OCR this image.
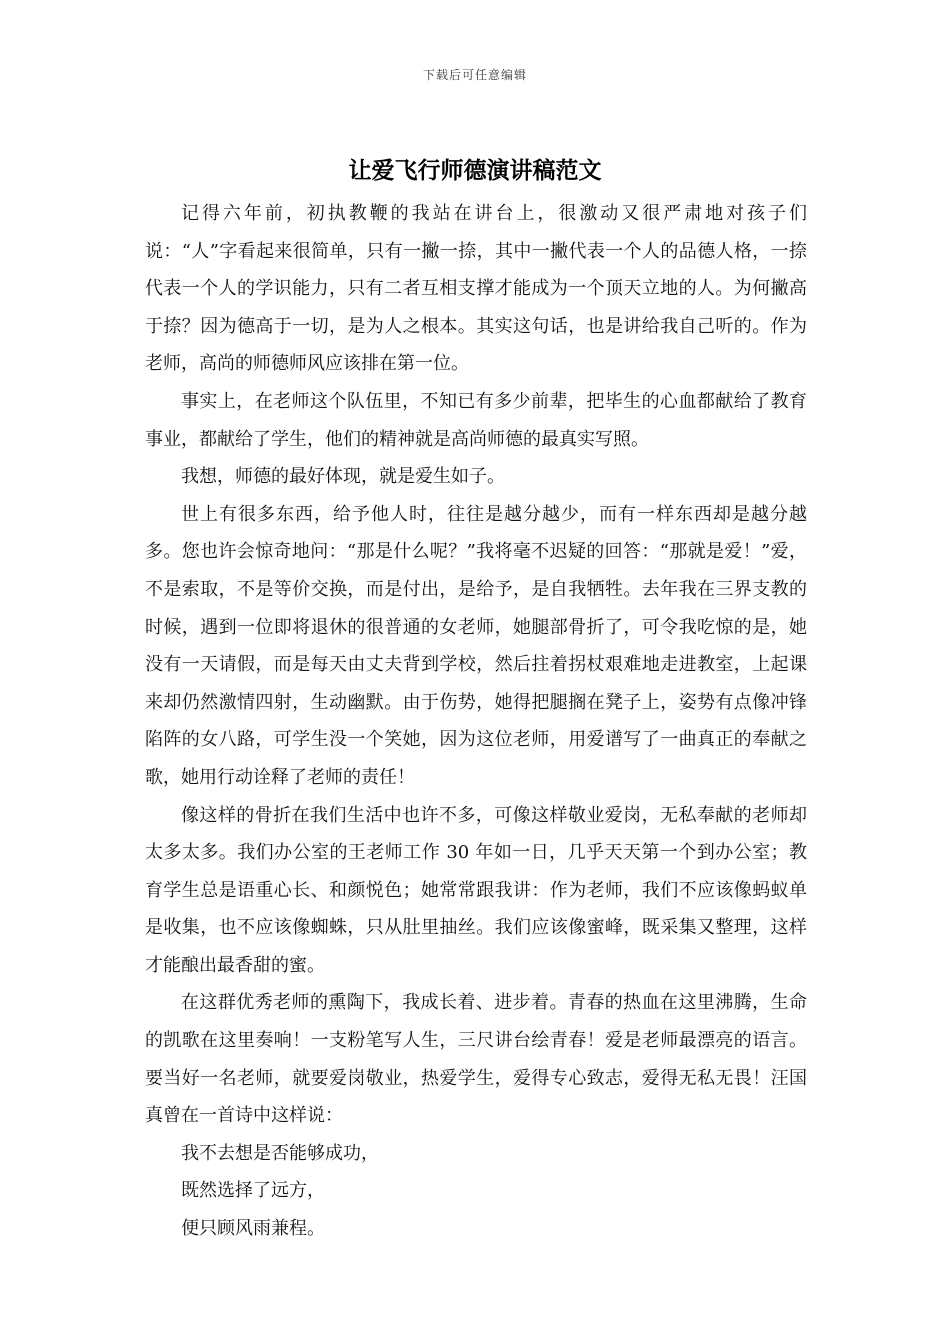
下载后可任意编辑
让爱飞行师德演讲稿范文

记得六年前，初执教鞭的我站在讲台上，很激动又很严肃地对孩子们说：“人”字看起来很简单，只有一撇一捺，其中一撇代表一个人的品德人格，一捺代表一个人的学识能力，只有二者互相支撑才能成为一个顶天立地的人。为何撇高于捺？因为德高于一切，是为人之根本。其实这句话，也是讲给我自己听的。作为老师，高尚的师德师风应该排在第一位。

事实上，在老师这个队伍里，不知已有多少前辈，把毕生的心血都献给了教育事业，都献给了学生，他们的精神就是高尚师德的最真实写照。

我想，师德的最好体现，就是爱生如子。

世上有很多东西，给予他人时，往往是越分越少，而有一样东西却是越分越多。您也许会惊奇地问：“那是什么呢？”我将毫不迟疑的回答：“那就是爱！”爱，不是索取，不是等价交换，而是付出，是给予，是自我牺牲。去年我在三界支教的时候，遇到一位即将退休的很普通的女老师，她腿部骨折了，可令我吃惊的是，她没有一天请假，而是每天由丈夫背到学校，然后拄着拐杖艰难地走进教室，上起课来却仍然激情四射，生动幽默。由于伤势，她得把腿搁在凳子上，姿势有点像冲锋陷阵的女八路，可学生没一个笑她，因为这位老师，用爱谱写了一曲真正的奉献之歌，她用行动诠释了老师的责任！

像这样的骨折在我们生活中也许不多，可像这样敬业爱岗，无私奉献的老师却太多太多。我们办公室的王老师工作 30 年如一日，几乎天天第一个到办公室；教育学生总是语重心长、和颜悦色；她常常跟我讲：作为老师，我们不应该像蚂蚁单是收集，也不应该像蜘蛛，只从肚里抽丝。我们应该像蜜峰，既采集又整理，这样才能酿出最香甜的蜜。

在这群优秀老师的熏陶下，我成长着、进步着。青春的热血在这里沸腾，生命的凯歌在这里奏响！一支粉笔写人生，三尺讲台绘青春！爱是老师最漂亮的语言。要当好一名老师，就要爱岗敬业，热爱学生，爱得专心致志，爱得无私无畏！汪国真曾在一首诗中这样说：

我不去想是否能够成功，

既然选择了远方，

便只顾风雨兼程。
